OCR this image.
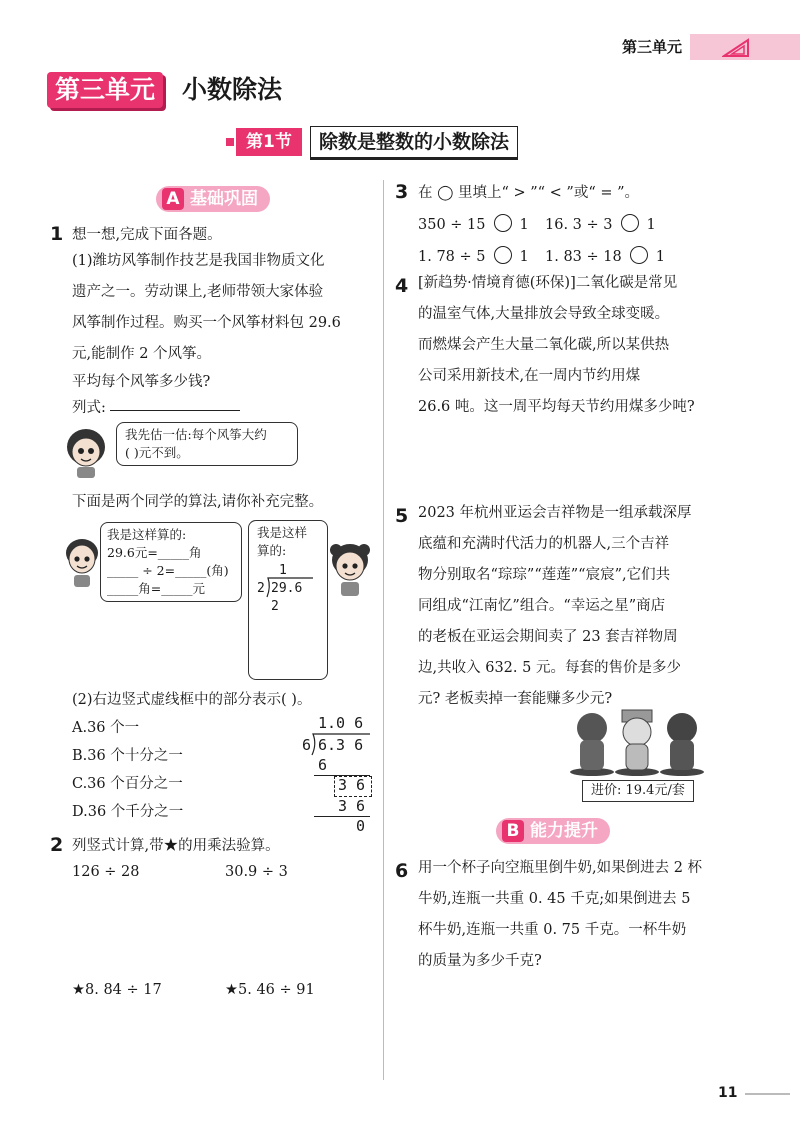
第三单元
第三单元	小数除法
第1节	除数是整数的小数除法
A 基础巩固
1 想一想,完成下面各题。
(1)潍坊风筝制作技艺是我国非物质文化
遗产之一。劳动课上,老师带领大家体验
风筝制作过程。购买一个风筝材料包 29.6
元,能制作 2 个风筝。
平均每个风筝多少钱?
列式:
我先估一估:每个风筝大约
( )元不到。
下面是两个同学的算法,请你补充完整。
我是这样算的:
29.6元=_____角
_____ ÷ 2=_____(角)
_____角=_____元
我是这样
算的:
1
2 29.6
2
(2)右边竖式虚线框中的部分表示( )。
A.36 个一
B.36 个十分之一
C.36 个百分之一
D.36 个千分之一
1.0 6
6 6.3 6
6
3 6
3 6
0
2 列竖式计算,带★的用乘法验算。
126 ÷ 28	30.9 ÷ 3
★8. 84 ÷ 17	★5. 46 ÷ 91
3 在 ◯ 里填上“ > ”“ < ”或“ = ”。
350 ÷ 15 1 16. 3 ÷ 3 1
1. 78 ÷ 5 1 1. 83 ÷ 18 1
4 [新趋势·情境育德(环保)]二氧化碳是常见
的温室气体,大量排放会导致全球变暖。
而燃煤会产生大量二氧化碳,所以某供热
公司采用新技术,在一周内节约用煤
26.6 吨。这一周平均每天节约用煤多少吨?
5 2023 年杭州亚运会吉祥物是一组承载深厚
底蕴和充满时代活力的机器人,三个吉祥
物分别取名“琮琮”“莲莲”“宸宸”,它们共
同组成“江南忆”组合。“幸运之星”商店
的老板在亚运会期间卖了 23 套吉祥物周
边,共收入 632. 5 元。每套的售价是多少
元? 老板卖掉一套能赚多少元?
进价: 19.4元/套
B 能力提升
6 用一个杯子向空瓶里倒牛奶,如果倒进去 2 杯
牛奶,连瓶一共重 0. 45 千克;如果倒进去 5
杯牛奶,连瓶一共重 0. 75 千克。一杯牛奶
的质量为多少千克?
11
